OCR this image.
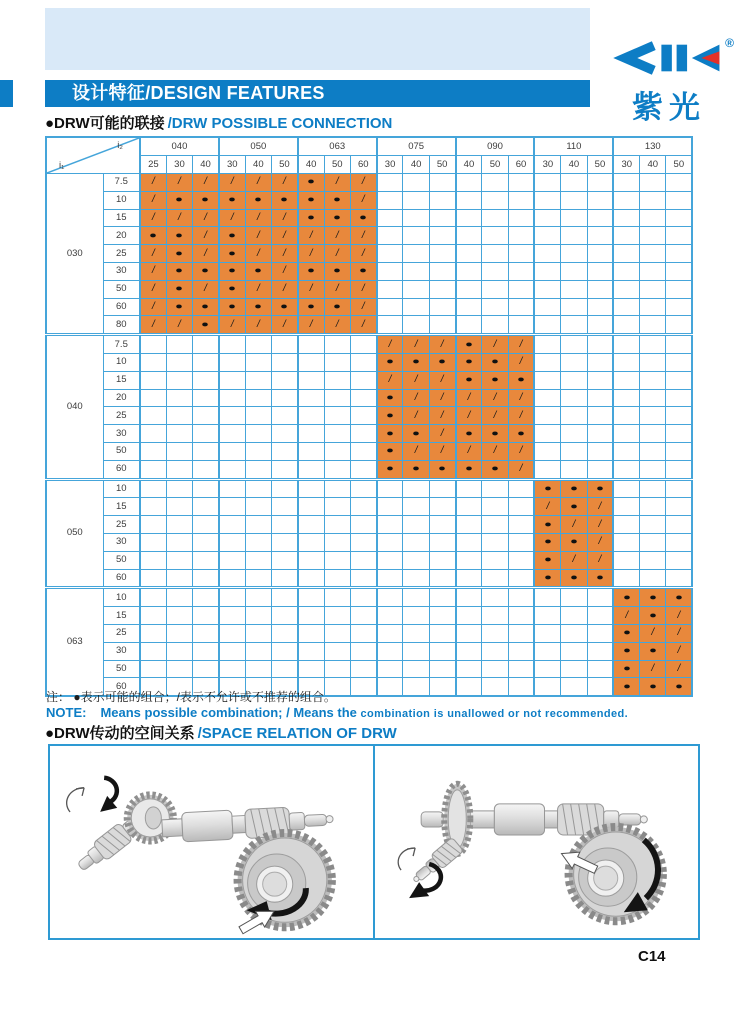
设计特征/DESIGN FEATURES
®
紫光
●DRW可能的联接 /DRW POSSIBLE CONNECTION
i₂
i₁		040			050			063			075			090			110			130		
		25	30	40	30	40	50	40	50	60	30	40	50	40	50	60	30	40	50	30	40	50
030	7.5	/	/	/	/	/	/	●	/	/												
	10	/	●	●	●	●	●	●	●	/												
	15	/	/	/	/	/	/	●	●	●												
	20	●	●	/	●	/	/	/	/	/												
	25	/	●	/	●	/	/	/	/	/												
	30	/	●	●	●	●	/	●	●	●												
	50	/	●	/	●	/	/	/	/	/												
	60	/	●	●	●	●	●	●	●	/												
	80	/	/	●	/	/	/	/	/	/												
040	7.5										/	/	/	●	/	/						
	10										●	●	●	●	●	/						
	15										/	/	/	●	●	●						
	20										●	/	/	/	/	/						
	25										●	/	/	/	/	/						
	30										●	●	/	●	●	●						
	50										●	/	/	/	/	/						
	60										●	●	●	●	●	/						
050	10																●	●	●			
	15																/	●	/			
	25																●	/	/			
	30																●	●	/			
	50																●	/	/			
	60																●	●	●			
063	10																			●	●	●
	15																			/	●	/
	25																			●	/	/
	30																			●	●	/
	50																			●	/	/
	60																			●	●	●
注： ●表示可能的组合；/表示不允许或不推荐的组合。
NOTE: Means possible combination; / Means the combination is unallowed or not recommended.
●DRW传动的空间关系 /SPACE RELATION OF DRW
C14
